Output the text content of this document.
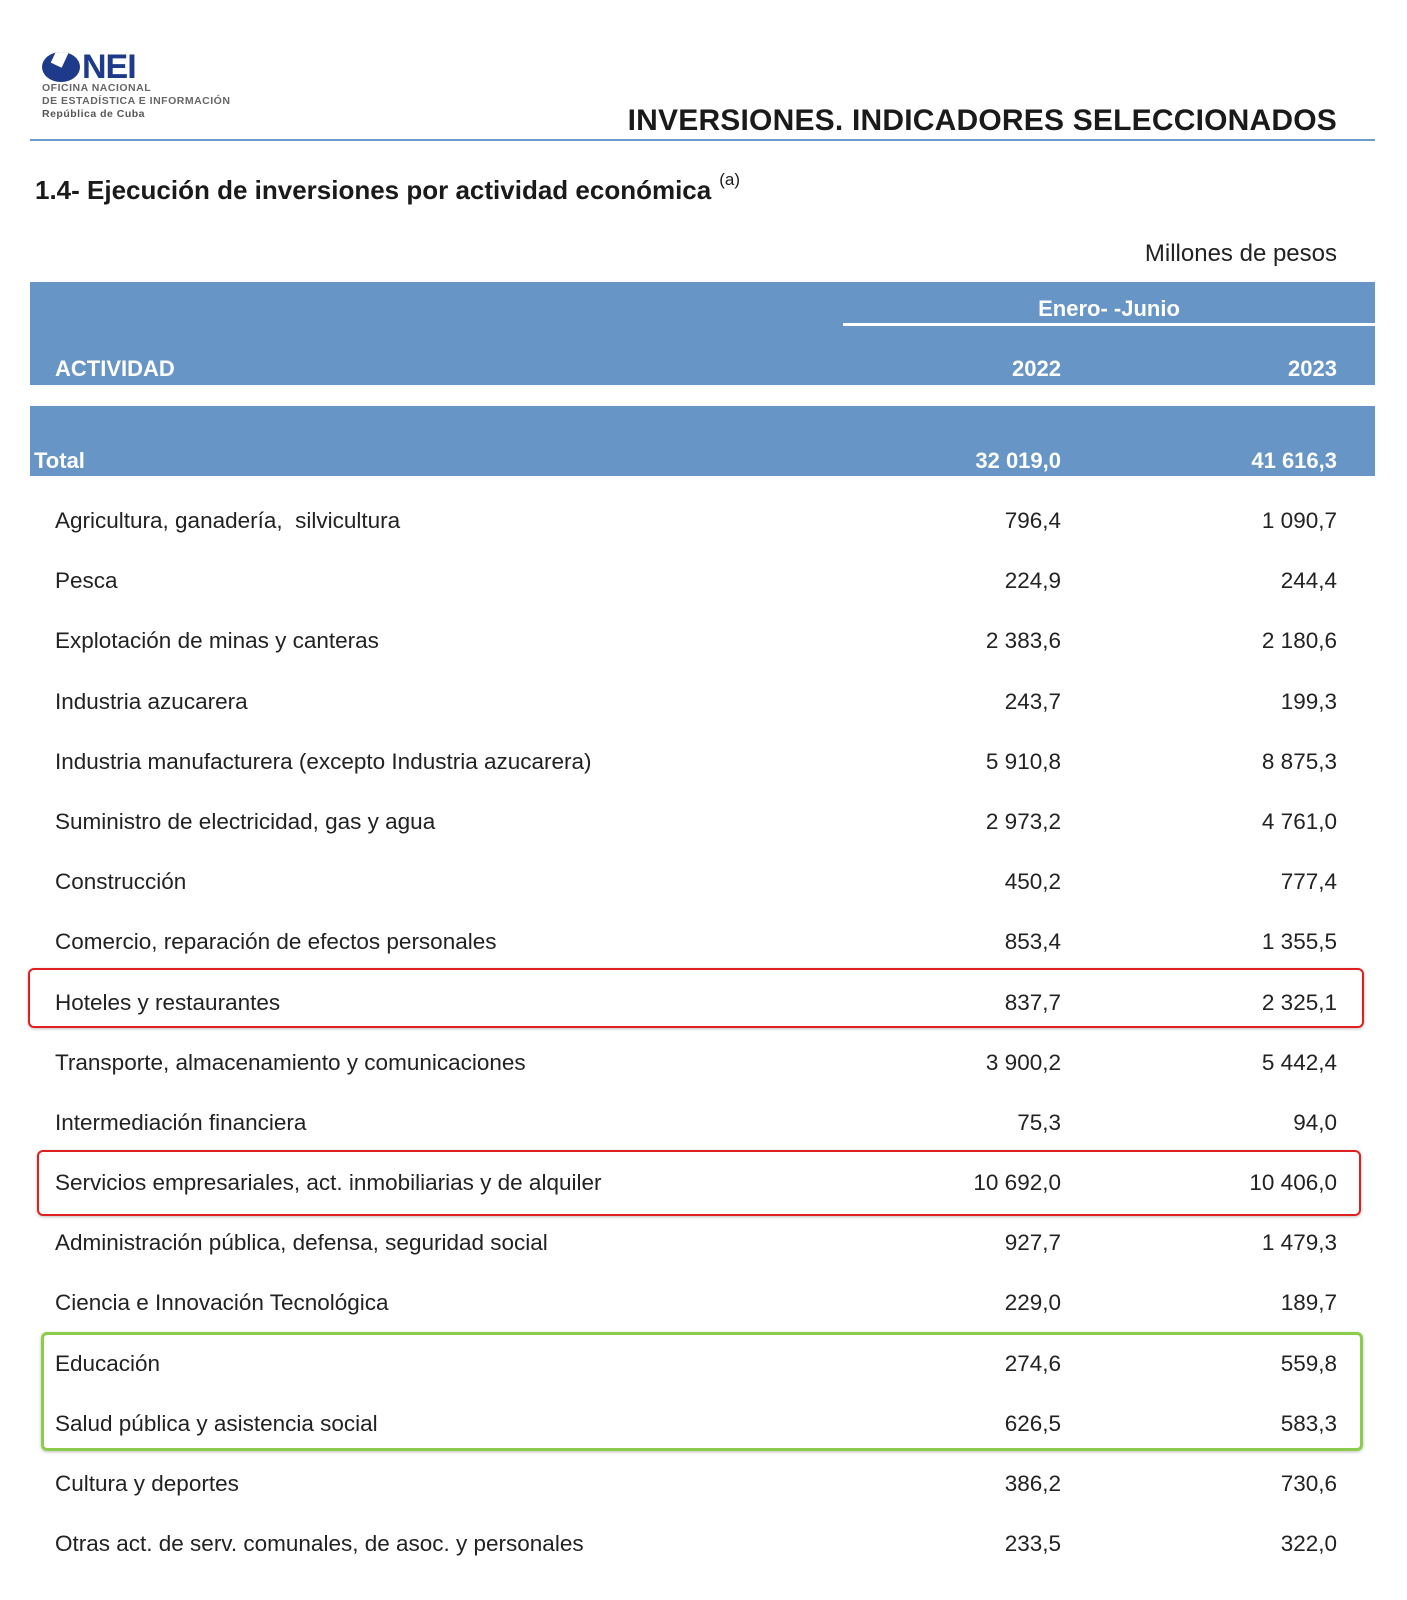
NEI
OFICINA NACIONAL
DE ESTADÍSTICA E INFORMACIÓN
República de Cuba	INVERSIONES. INDICADORES SELECCIONADOS
1.4- Ejecución de inversiones por actividad económica $^{(a)}$
Millones de pesos
Enero- -Junio
ACTIVIDAD	2022	2023
Total	32 019,0	41 616,3
Agricultura, ganadería,  silvicultura	796,4	1 090,7
Pesca	224,9	244,4
Explotación de minas y canteras	2 383,6	2 180,6
Industria azucarera	243,7	199,3
Industria manufacturera (excepto Industria azucarera)	5 910,8	8 875,3
Suministro de electricidad, gas y agua	2 973,2	4 761,0
Construcción	450,2	777,4
Comercio, reparación de efectos personales	853,4	1 355,5
Hoteles y restaurantes	837,7	2 325,1
Transporte, almacenamiento y comunicaciones	3 900,2	5 442,4
Intermediación financiera	75,3	94,0
Servicios empresariales, act. inmobiliarias y de alquiler	10 692,0	10 406,0
Administración pública, defensa, seguridad social	927,7	1 479,3
Ciencia e Innovación Tecnológica	229,0	189,7
Educación	274,6	559,8
Salud pública y asistencia social	626,5	583,3
Cultura y deportes	386,2	730,6
Otras act. de serv. comunales, de asoc. y personales	233,5	322,0
